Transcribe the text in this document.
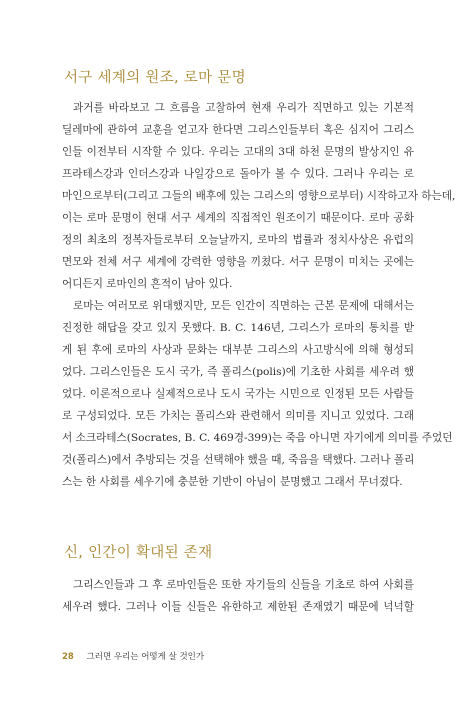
서구 세계의 원조, 로마 문명
과거를 바라보고 그 흐름을 고찰하여 현재 우리가 직면하고 있는 기본적
딜레마에 관하여 교훈을 얻고자 한다면 그리스인들부터 혹은 심지어 그리스
인들 이전부터 시작할 수 있다. 우리는 고대의 3대 하천 문명의 발상지인 유
프라테스강과 인더스강과 나일강으로 돌아가 볼 수 있다. 그러나 우리는 로
마인으로부터(그리고 그들의 배후에 있는 그리스의 영향으로부터) 시작하고자 하는데,
이는 로마 문명이 현대 서구 세계의 직접적인 원조이기 때문이다. 로마 공화
정의 최초의 정복자들로부터 오늘날까지, 로마의 법률과 정치사상은 유럽의
면모와 전체 서구 세계에 강력한 영향을 끼쳤다. 서구 문명이 미치는 곳에는
어디든지 로마인의 흔적이 남아 있다.
로마는 여러모로 위대했지만, 모든 인간이 직면하는 근본 문제에 대해서는
진정한 해답을 갖고 있지 못했다. B. C. 146년, 그리스가 로마의 통치를 받
게 된 후에 로마의 사상과 문화는 대부분 그리스의 사고방식에 의해 형성되
었다. 그리스인들은 도시 국가, 즉 폴리스(polis)에 기초한 사회를 세우려 했
었다. 이론적으로나 실제적으로나 도시 국가는 시민으로 인정된 모든 사람들
로 구성되었다. 모든 가치는 폴리스와 관련해서 의미를 지니고 있었다. 그래
서 소크라테스(Socrates, B. C. 469경-399)는 죽음 아니면 자기에게 의미를 주었던
것(폴리스)에서 추방되는 것을 선택해야 했을 때, 죽음을 택했다. 그러나 폴리
스는 한 사회를 세우기에 충분한 기반이 아님이 분명했고 그래서 무너졌다.
신, 인간이 확대된 존재
그리스인들과 그 후 로마인들은 또한 자기들의 신들을 기초로 하여 사회를
세우려 했다. 그러나 이들 신들은 유한하고 제한된 존재였기 때문에 넉넉할
28 그러면 우리는 어떻게 살 것인가
